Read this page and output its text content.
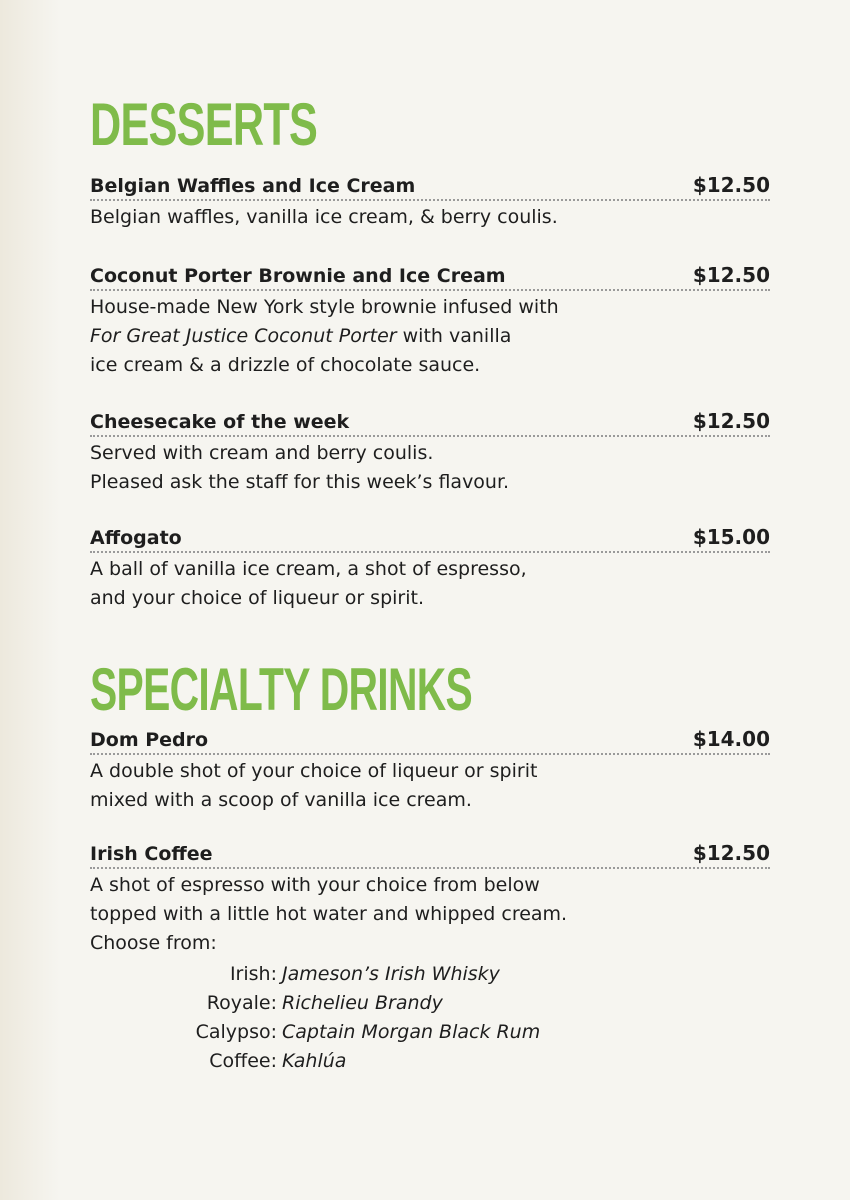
DESSERTS
Belgian Waffles and Ice Cream	$12.50
Belgian waffles, vanilla ice cream, & berry coulis.
Coconut Porter Brownie and Ice Cream	$12.50
House-made New York style brownie infused with
For Great Justice Coconut Porter with vanilla
ice cream & a drizzle of chocolate sauce.
Cheesecake of the week	$12.50
Served with cream and berry coulis.
Pleased ask the staff for this week’s flavour.
Affogato	$15.00
A ball of vanilla ice cream, a shot of espresso,
and your choice of liqueur or spirit.
SPECIALTY DRINKS
Dom Pedro	$14.00
A double shot of your choice of liqueur or spirit
mixed with a scoop of vanilla ice cream.
Irish Coffee	$12.50
A shot of espresso with your choice from below
topped with a little hot water and whipped cream.
Choose from:
Irish: Jameson’s Irish Whisky
Royale: Richelieu Brandy
Calypso: Captain Morgan Black Rum
Coffee: Kahlúa
